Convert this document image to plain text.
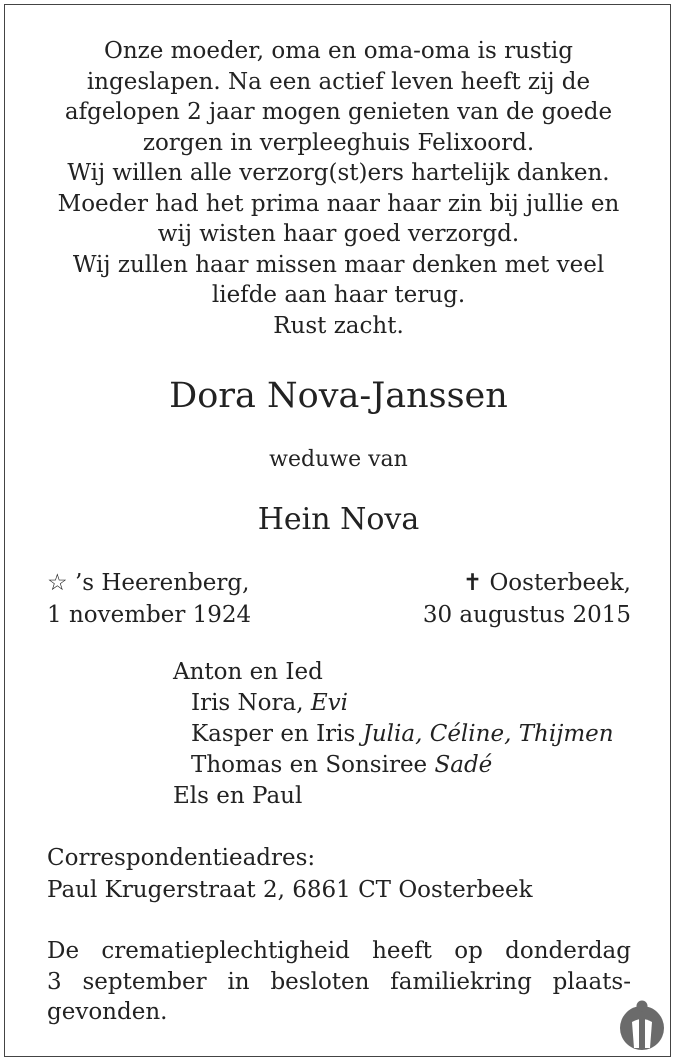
Onze moeder, oma en oma-oma is rustig
ingeslapen. Na een actief leven heeft zij de
afgelopen 2 jaar mogen genieten van de goede
zorgen in verpleeghuis Felixoord.
Wij willen alle verzorg(st)ers hartelijk danken.
Moeder had het prima naar haar zin bij jullie en
wij wisten haar goed verzorgd.
Wij zullen haar missen maar denken met veel
liefde aan haar terug.
Rust zacht.
Dora Nova-Janssen
weduwe van
Hein Nova
☆ ’s Heerenberg,
1 november 1924
✝ Oosterbeek,
30 augustus 2015
Anton en Ied
Iris Nora, Evi
Kasper en Iris Julia, Céline, Thijmen
Thomas en Sonsiree Sadé
Els en Paul
Correspondentieadres:
Paul Krugerstraat 2, 6861 CT Oosterbeek
De crematieplechtigheid heeft op donderdag
3 september in besloten familiekring plaats-
gevonden.
